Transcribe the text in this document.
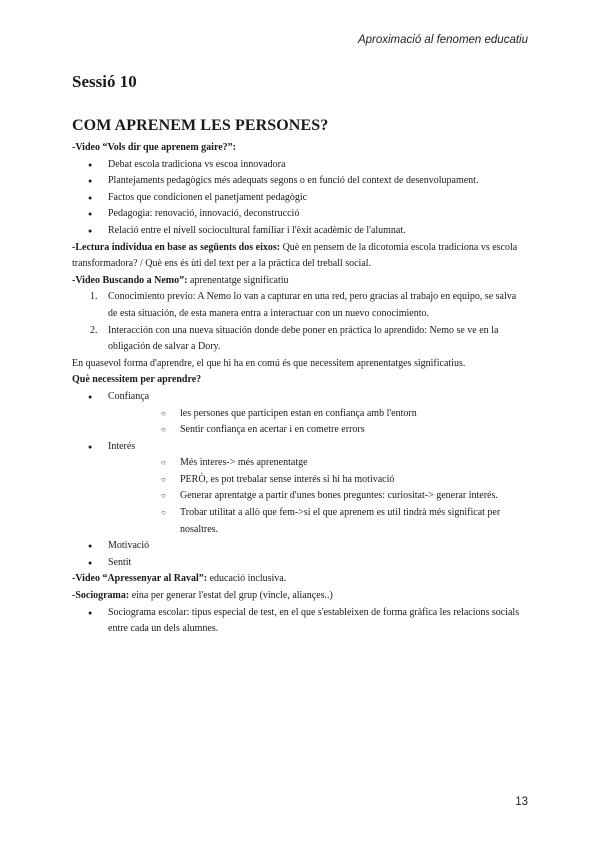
Aproximació al fenomen educatiu
Sessió 10
COM APRENEM LES PERSONES?

-Video “Vols dir que aprenem gaire?”:

● Debat escola tradiciona vs escoa innovadora
● Plantejaments pedagògics més adequats segons o en funció del context de desenvolupament.
● Factos que condicionen el panetjament pedagògic
● Pedagogia: renovació, innovació, deconstrucció
● Relació entre el nivell sociocultural familiar i l'èxit acadèmic de l'alumnat.

-Lectura individua en base as següents dos eixos: Què en pensem de la dicotomia escola tradiciona vs escola transformadora? / Què ens és ùti del text per a la pràctica del treball social.

-Video Buscando a Nemo”: aprenentatge significatiu

1. Conocimiento previo: A Nemo lo van a capturar en una red, pero gracias al trabajo en equipo, se salva de esta situación, de esta manera entra a interactuar con un nuevo conocimiento.
2. Interacción con una nueva situación donde debe poner en práctica lo aprendido: Nemo se ve en la obligación de salvar a Dory.

En quasevol forma d'aprendre, el que hi ha en comú és que necessitem aprenentatges significatius.

Què necessitem per aprendre?

● Confiança
○ les persones que participen estan en confiança amb l'entorn
○ Sentir confiança en acertar i en cometre errors
● Interés
○ Més interes-> més aprenentatge
○ PERÒ, es pot trebalar sense interés si hi ha motivació
○ Generar aprentatge a partir d'unes bones preguntes: curiositat-> generar interés.
○ Trobar utilitat a allò que fem->si el que aprenem es util tindrà més significat per nosaltres.
● Motivació
● Sentit

-Video “Apressenyar al Raval”: educació inclusiva.

-Sociograma: eina per generar l'estat del grup (vincle, aliançes..)

● Sociograma escolar: tipus especial de test, en el que s'estableixen de forma gràfica les relacions socials entre cada un dels alumnes.
13
